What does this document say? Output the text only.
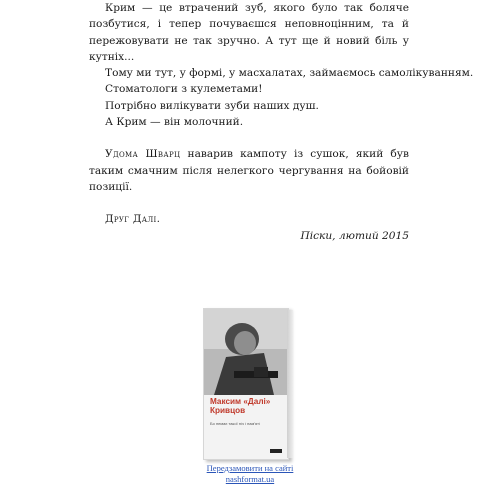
Крим — це втрачений зуб, якого було так боляче позбутися, і тепер почуваєшся неповноцінним, та й пережовувати не так зручно. А тут ще й новий біль у кутніх...

Тому ми тут, у формі, у масхалатах, займаємось самолікуванням.
Стоматологи з кулеметами!
Потрібно вилікувати зуби наших душ.
А Крим — він молочний.

Удома Шварц наварив кампоту із сушок, який був таким смачним після нелегкого чергування на бойовій позиції.

Друг Далі.

Піски, лютий 2015

Максим «Далі» Кривцов
Бо немає такої ніч і пам'яті
Передзамовити на сайті
nashformat.ua
